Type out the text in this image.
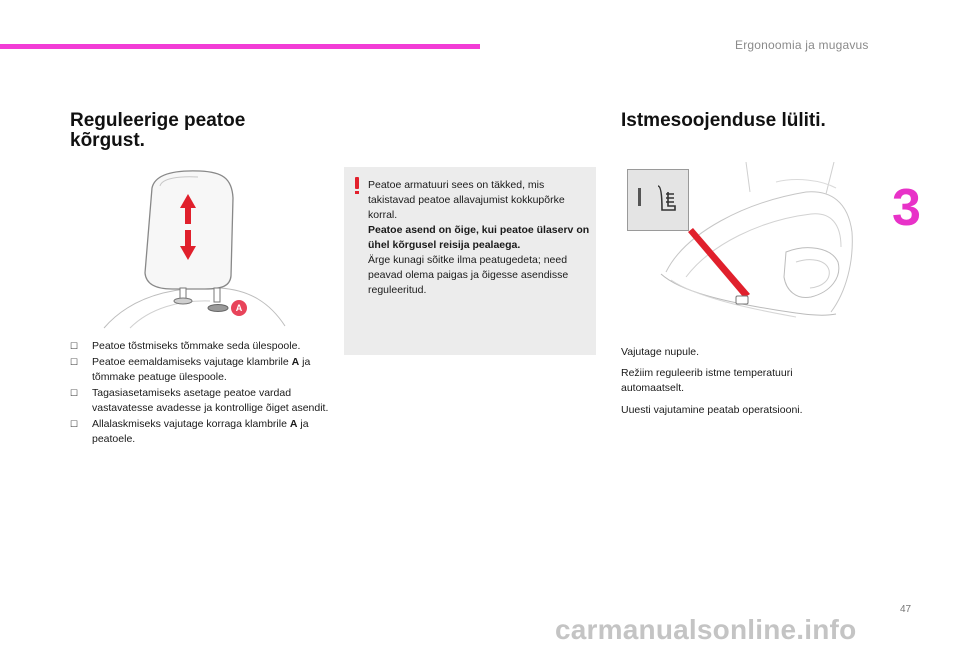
Ergonoomia ja mugavus
3

Reguleerige peatoe

kõrgust.

A
☐	Peatoe tõstmiseks tõmmake seda ülespoole.
☐	Peatoe eemaldamiseks vajutage klambrile A ja tõmmake peatuge ülespoole.
☐	Tagasiasetamiseks asetage peatoe vardad vastavatesse avadesse ja kontrollige õiget asendit.
☐	Allalaskmiseks vajutage korraga klambrile A ja peatoele.
Peatoe armatuuri sees on täkked, mis takistavad peatoe allavajumist kokkupõrke korral.
Peatoe asend on õige, kui peatoe ülaserv on ühel kõrgusel reisija pealaega.
Ärge kunagi sõitke ilma peatugedeta; need peavad olema paigas ja õigesse asendisse reguleeritud.

Istmesoojenduse lüliti.

Vajutage nupule.
Režiim reguleerib istme temperatuuri automaatselt.
Uuesti vajutamine peatab operatsiooni.
47
carmanualsonline.info
